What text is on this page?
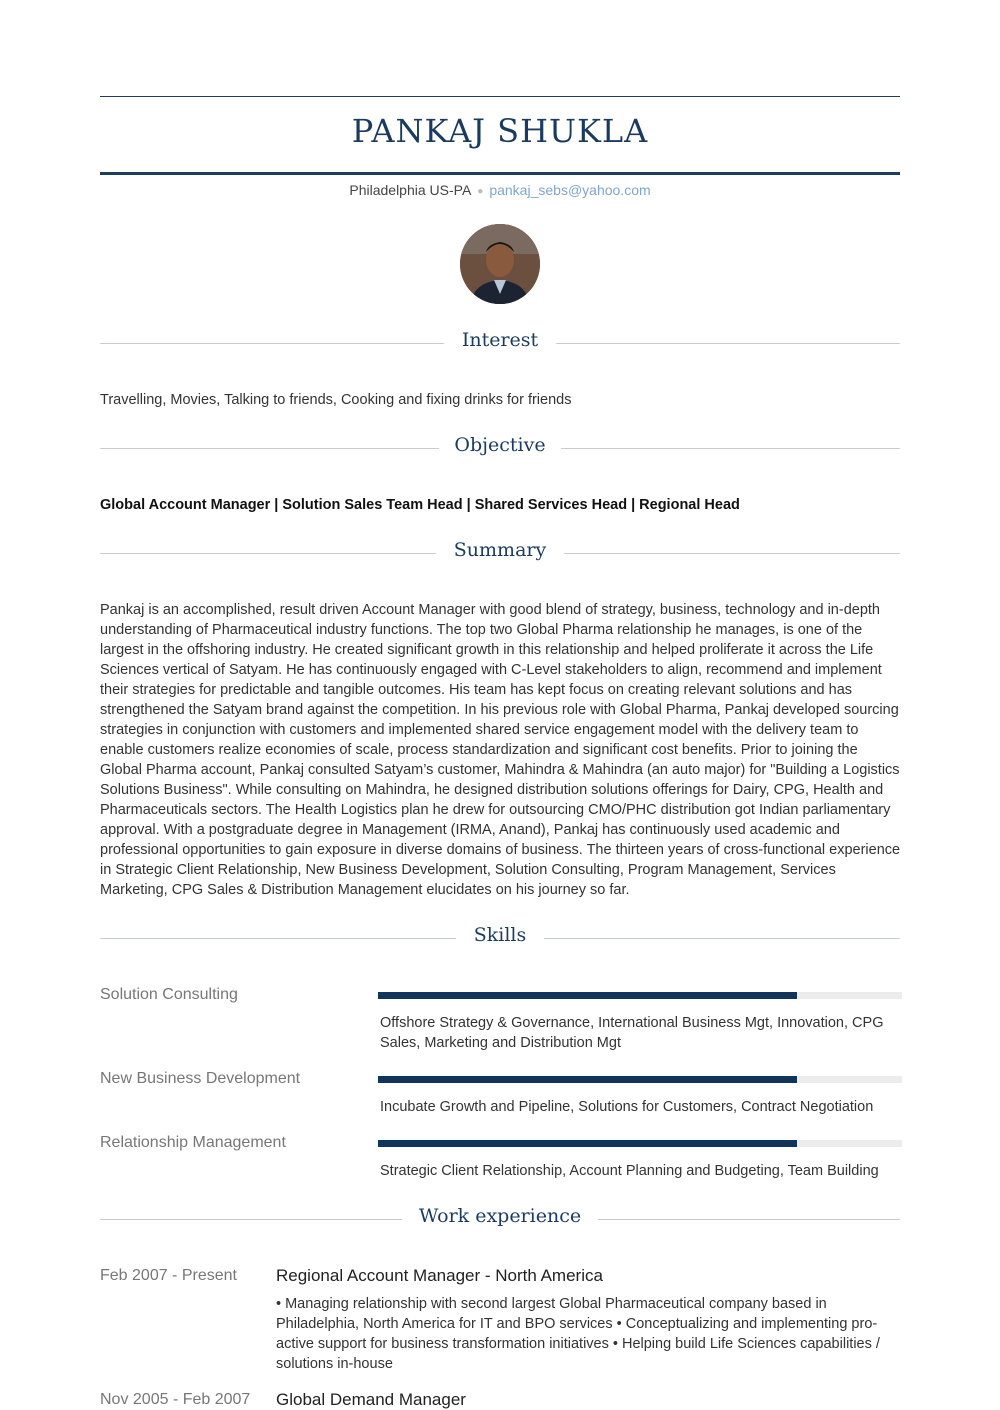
PANKAJ SHUKLA
Philadelphia US-PA ● pankaj_sebs@yahoo.com
Interest
Travelling, Movies, Talking to friends, Cooking and fixing drinks for friends
Objective
Global Account Manager | Solution Sales Team Head | Shared Services Head | Regional Head
Summary
Pankaj is an accomplished, result driven Account Manager with good blend of strategy, business, technology and in-depth understanding of Pharmaceutical industry functions. The top two Global Pharma relationship he manages, is one of the largest in the offshoring industry. He created significant growth in this relationship and helped proliferate it across the Life Sciences vertical of Satyam. He has continuously engaged with C-Level stakeholders to align, recommend and implement their strategies for predictable and tangible outcomes. His team has kept focus on creating relevant solutions and has strengthened the Satyam brand against the competition. In his previous role with Global Pharma, Pankaj developed sourcing strategies in conjunction with customers and implemented shared service engagement model with the delivery team to enable customers realize economies of scale, process standardization and significant cost benefits. Prior to joining the Global Pharma account, Pankaj consulted Satyam’s customer, Mahindra & Mahindra (an auto major) for "Building a Logistics Solutions Business". While consulting on Mahindra, he designed distribution solutions offerings for Dairy, CPG, Health and Pharmaceuticals sectors. The Health Logistics plan he drew for outsourcing CMO/PHC distribution got Indian parliamentary approval. With a postgraduate degree in Management (IRMA, Anand), Pankaj has continuously used academic and professional opportunities to gain exposure in diverse domains of business. The thirteen years of cross-functional experience in Strategic Client Relationship, New Business Development, Solution Consulting, Program Management, Services Marketing, CPG Sales & Distribution Management elucidates on his journey so far.
Skills
Solution Consulting
Offshore Strategy & Governance, International Business Mgt, Innovation, CPG Sales, Marketing and Distribution Mgt
New Business Development
Incubate Growth and Pipeline, Solutions for Customers, Contract Negotiation
Relationship Management
Strategic Client Relationship, Account Planning and Budgeting, Team Building
Work experience
Feb 2007 - Present Regional Account Manager - North America
• Managing relationship with second largest Global Pharmaceutical company based in Philadelphia, North America for IT and BPO services • Conceptualizing and implementing pro-active support for business transformation initiatives • Helping build Life Sciences capabilities / solutions in-house
Nov 2005 - Feb 2007 Global Demand Manager
